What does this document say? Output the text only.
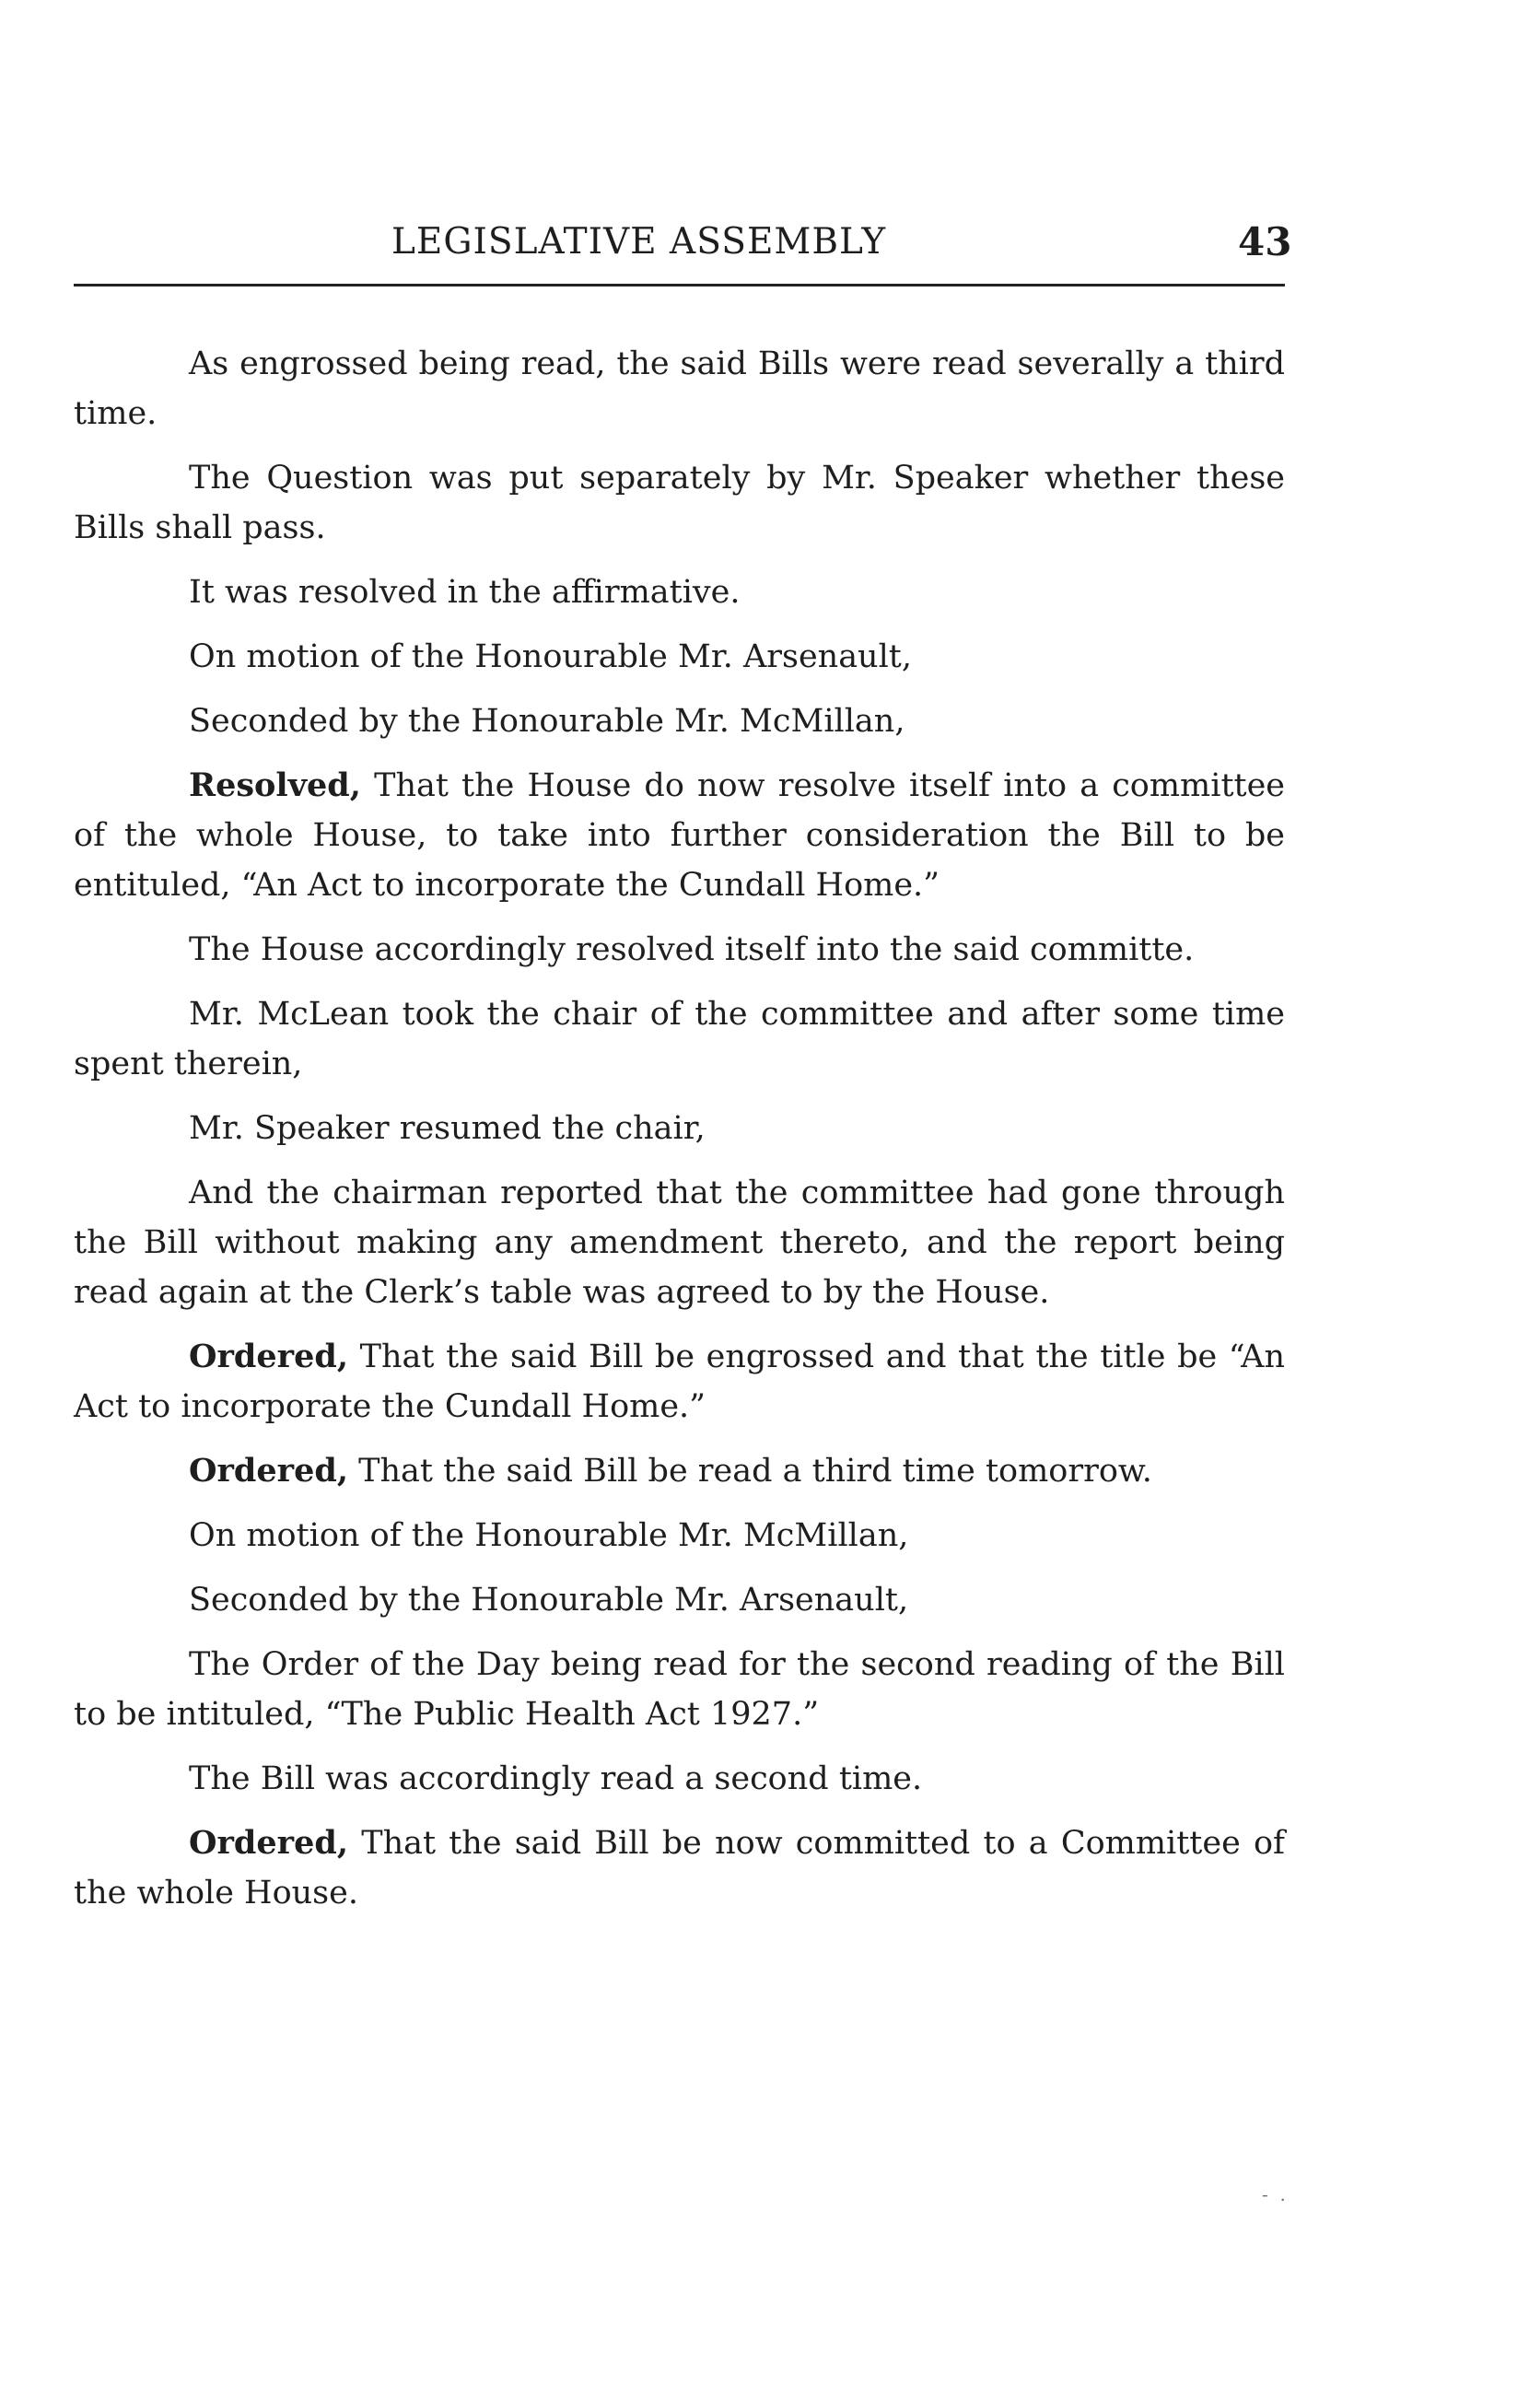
LEGISLATIVE ASSEMBLY	43

As engrossed being read, the said Bills were read severally a third time.

The Question was put separately by Mr. Speaker whether these Bills shall pass.

It was resolved in the affirmative.

On motion of the Honourable Mr. Arsenault,

Seconded by the Honourable Mr. McMillan,

Resolved, That the House do now resolve itself into a committee of the whole House, to take into further consideration the Bill to be entituled, “An Act to incorporate the Cundall Home.”

The House accordingly resolved itself into the said committe.

Mr. McLean took the chair of the committee and after some time spent therein,

Mr. Speaker resumed the chair,

And the chairman reported that the committee had gone through the Bill without making any amendment thereto, and the report being read again at the Clerk’s table was agreed to by the House.

Ordered, That the said Bill be engrossed and that the title be “An Act to incorporate the Cundall Home.”

Ordered, That the said Bill be read a third time tomorrow.

On motion of the Honourable Mr. McMillan,

Seconded by the Honourable Mr. Arsenault,

The Order of the Day being read for the second reading of the Bill to be intituled, “The Public Health Act 1927.”

The Bill was accordingly read a second time.

Ordered, That the said Bill be now committed to a Committee of the whole House.

-  .
